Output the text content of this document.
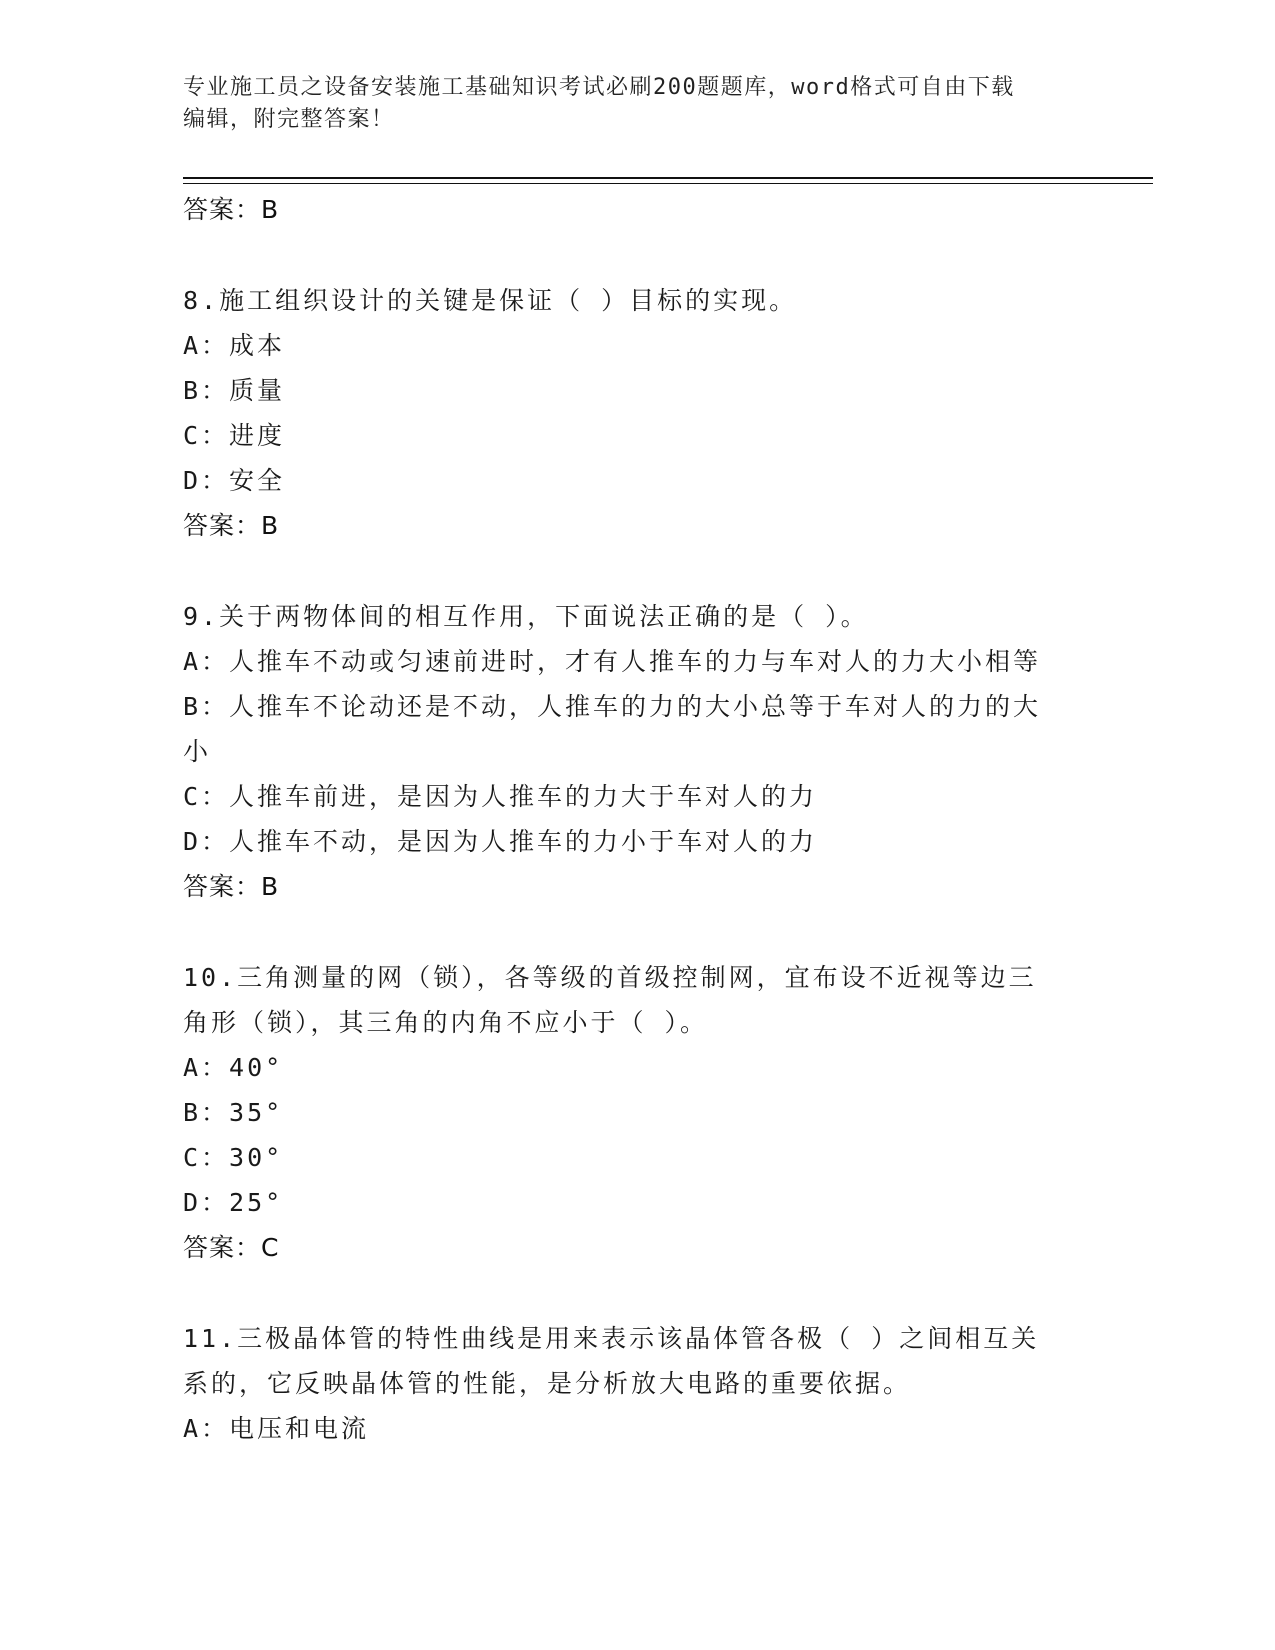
专业施工员之设备安装施工基础知识考试必刷200题题库，word格式可自由下载
编辑，附完整答案！
答案：B
8.施工组织设计的关键是保证（ ）目标的实现。
A：成本
B：质量
C：进度
D：安全
答案：B
9.关于两物体间的相互作用，下面说法正确的是（ ）。
A：人推车不动或匀速前进时，才有人推车的力与车对人的力大小相等
B：人推车不论动还是不动，人推车的力的大小总等于车对人的力的大
小
C：人推车前进，是因为人推车的力大于车对人的力
D：人推车不动，是因为人推车的力小于车对人的力
答案：B
10.三角测量的网（锁），各等级的首级控制网，宜布设不近视等边三
角形（锁），其三角的内角不应小于（ ）。
A：40°
B：35°
C：30°
D：25°
答案：C
11.三极晶体管的特性曲线是用来表示该晶体管各极（ ）之间相互关
系的，它反映晶体管的性能，是分析放大电路的重要依据。
A：电压和电流
